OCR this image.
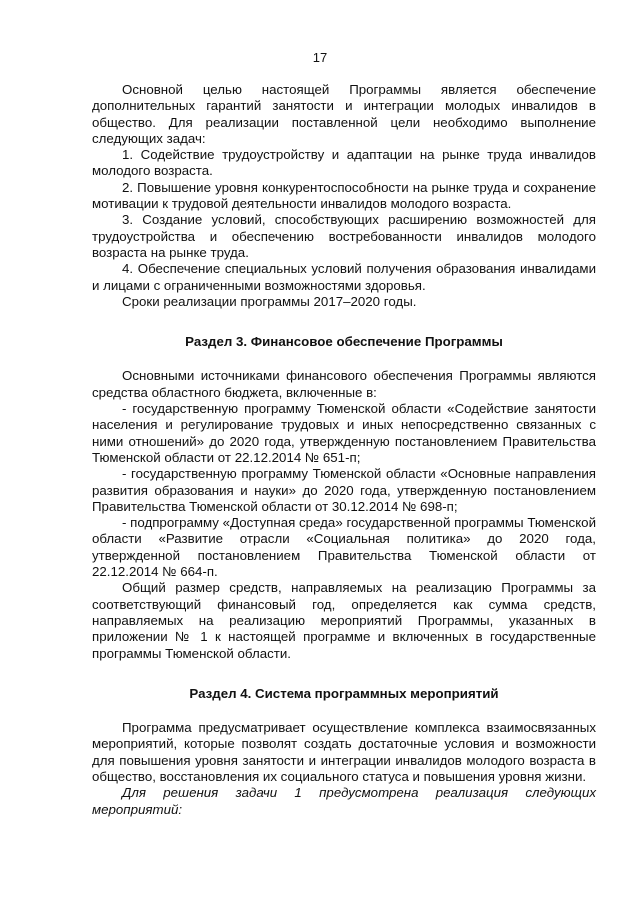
17

Основной целью настоящей Программы является обеспечение дополнительных гарантий занятости и интеграции молодых инвалидов в общество. Для реализации поставленной цели необходимо выполнение следующих задач:

1. Содействие трудоустройству и адаптации на рынке труда инвалидов молодого возраста.

2. Повышение уровня конкурентоспособности на рынке труда и сохранение мотивации к трудовой деятельности инвалидов молодого возраста.

3. Создание условий, способствующих расширению возможностей для трудоустройства и обеспечению востребованности инвалидов молодого возраста на рынке труда.

4. Обеспечение специальных условий получения образования инвалидами и лицами с ограниченными возможностями здоровья.

Сроки реализации программы 2017–2020 годы.

Раздел 3. Финансовое обеспечение Программы

Основными источниками финансового обеспечения Программы являются средства областного бюджета, включенные в:

- государственную программу Тюменской области «Содействие занятости населения и регулирование трудовых и иных непосредственно связанных с ними отношений» до 2020 года, утвержденную постановлением Правительства Тюменской области от 22.12.2014 № 651-п;

- государственную программу Тюменской области «Основные направления развития образования и науки» до 2020 года, утвержденную постановлением Правительства Тюменской области от 30.12.2014 № 698-п;

- подпрограмму «Доступная среда» государственной программы Тюменской области «Развитие отрасли «Социальная политика» до 2020 года, утвержденной постановлением Правительства Тюменской области от 22.12.2014 № 664-п.

Общий размер средств, направляемых на реализацию Программы за соответствующий финансовый год, определяется как сумма средств, направляемых на реализацию мероприятий Программы, указанных в приложении № 1 к настоящей программе и включенных в государственные программы Тюменской области.

Раздел 4. Система программных мероприятий

Программа предусматривает осуществление комплекса взаимосвязанных мероприятий, которые позволят создать достаточные условия и возможности для повышения уровня занятости и интеграции инвалидов молодого возраста в общество, восстановления их социального статуса и повышения уровня жизни.

Для решения задачи 1 предусмотрена реализация следующих мероприятий:
